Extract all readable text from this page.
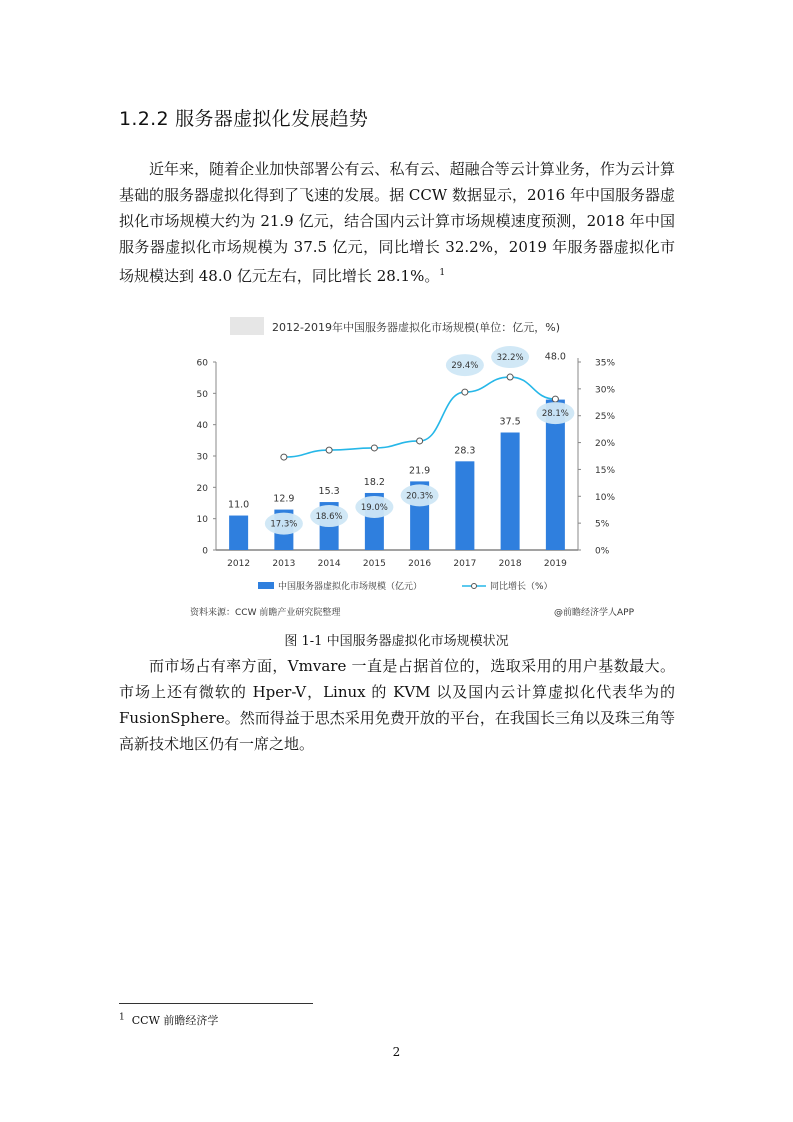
1.2.2 服务器虚拟化发展趋势
近年来，随着企业加快部署公有云、私有云、超融合等云计算业务，作为云计算基础的服务器虚拟化得到了飞速的发展。据 CCW 数据显示，2016 年中国服务器虚拟化市场规模大约为 21.9 亿元，结合国内云计算市场规模速度预测，2018 年中国服务器虚拟化市场规模为 37.5 亿元，同比增长 32.2%，2019 年服务器虚拟化市场规模达到 48.0 亿元左右，同比增长 28.1%。$^1$
2012-2019年中国服务器虚拟化市场规模(单位：亿元，%)
0
10
20
30
40
50
60
0%
5%
10%
15%
20%
25%
30%
35%
2012 2013 2014 2015 2016 2017 2018 2019
11.0
12.9
15.3
18.2
21.9
28.3
37.5
48.0
17.3%
18.6%
19.0%
20.3%
29.4%
32.2%
28.1%
中国服务器虚拟化市场规模（亿元）	同比增长（%）
资料来源：CCW 前瞻产业研究院整理	@前瞻经济学人APP
图 1-1 中国服务器虚拟化市场规模状况
而市场占有率方面，Vmvare 一直是占据首位的，选取采用的用户基数最大。市场上还有微软的 Hper-V，Linux 的 KVM 以及国内云计算虚拟化代表华为的 FusionSphere。然而得益于思杰采用免费开放的平台，在我国长三角以及珠三角等高新技术地区仍有一席之地。
$^1$ CCW 前瞻经济学
2
